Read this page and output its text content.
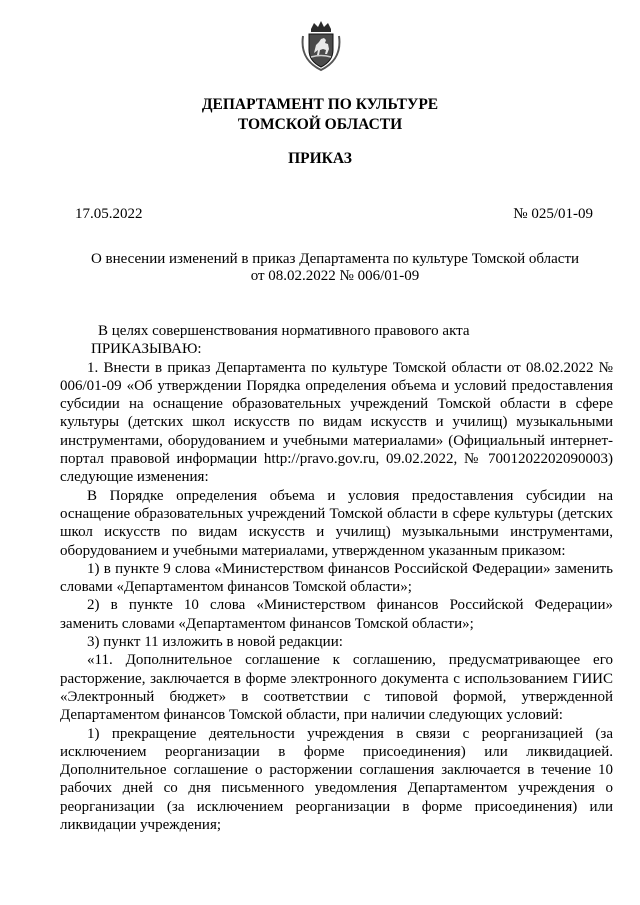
ДЕПАРТАМЕНТ ПО КУЛЬТУРЕ
ТОМСКОЙ ОБЛАСТИ
ПРИКАЗ
17.05.2022	№ 025/01-09
О внесении изменений в приказ Департамента по культуре Томской области
от 08.02.2022 № 006/01-09

В целях совершенствования нормативного правового акта

ПРИКАЗЫВАЮ:

1. Внести в приказ Департамента по культуре Томской области от 08.02.2022 № 006/01-09 «Об утверждении Порядка определения объема и условий предоставления субсидии на оснащение образовательных учреждений Томской области в сфере культуры (детских школ искусств по видам искусств и училищ) музыкальными инструментами, оборудованием и учебными материалами» (Официальный интернет-портал правовой информации http://pravo.gov.ru, 09.02.2022, № 7001202202090003) следующие изменения:

В Порядке определения объема и условия предоставления субсидии на оснащение образовательных учреждений Томской области в сфере культуры (детских школ искусств по видам искусств и училищ) музыкальными инструментами, оборудованием и учебными материалами, утвержденном указанным приказом:

1) в пункте 9 слова «Министерством финансов Российской Федерации» заменить словами «Департаментом финансов Томской области»;

2) в пункте 10 слова «Министерством финансов Российской Федерации» заменить словами «Департаментом финансов Томской области»;

3) пункт 11 изложить в новой редакции:

«11. Дополнительное соглашение к соглашению, предусматривающее его расторжение, заключается в форме электронного документа с использованием ГИИС «Электронный бюджет» в соответствии с типовой формой, утвержденной Департаментом финансов Томской области, при наличии следующих условий:

1) прекращение деятельности учреждения в связи с реорганизацией (за исключением реорганизации в форме присоединения) или ликвидацией. Дополнительное соглашение о расторжении соглашения заключается в течение 10 рабочих дней со дня письменного уведомления Департаментом учреждения о реорганизации (за исключением реорганизации в форме присоединения) или ликвидации учреждения;
